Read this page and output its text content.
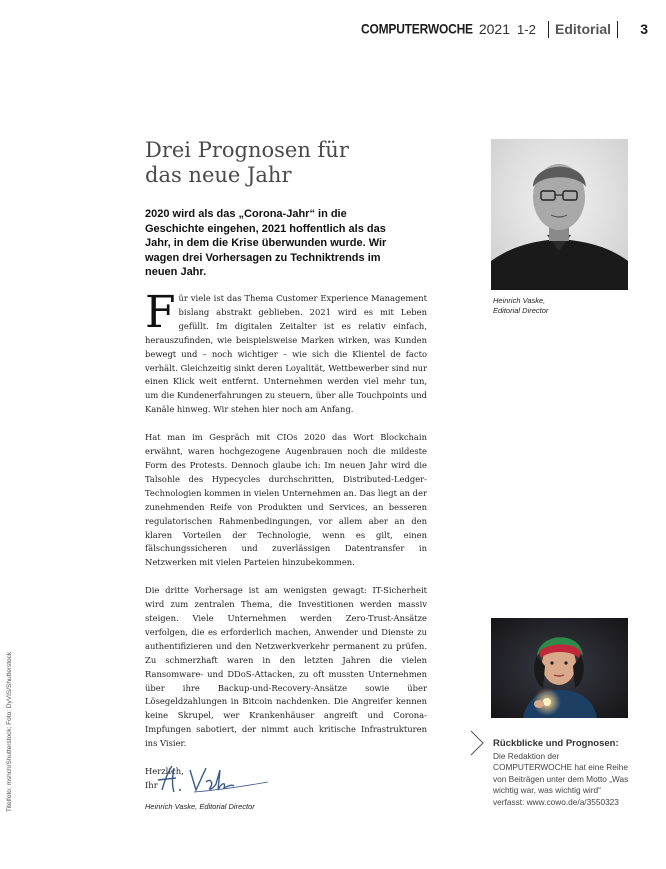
COMPUTERWOCHE 2021 1-2 Editorial 3
Drei Prognosen für
das neue Jahr

2020 wird als das „Corona-Jahr“ in die Geschichte eingehen, 2021 hoffentlich als das Jahr, in dem die Krise überwunden wurde. Wir wagen drei Vorhersagen zu Techniktrends im neuen Jahr.

Für viele ist das Thema Customer Experience Management bislang abstrakt geblieben. 2021 wird es mit Leben gefüllt. Im digitalen Zeitalter ist es relativ einfach, herauszufinden, wie beispielsweise Marken wirken, was Kunden bewegt und – noch wichtiger – wie sich die Klientel de facto verhält. Gleichzeitig sinkt deren Loyalität, Wettbewerber sind nur einen Klick weit entfernt. Unternehmen werden viel mehr tun, um die Kundenerfahrungen zu steuern, über alle Touchpoints und Kanäle hinweg. Wir stehen hier noch am Anfang.

Hat man im Gespräch mit CIOs 2020 das Wort Blockchain erwähnt, waren hochgezogene Augenbrauen noch die mildeste Form des Protests. Dennoch glaube ich: Im neuen Jahr wird die Talsohle des Hypecycles durchschritten, Distributed-Ledger-Technologien kommen in vielen Unternehmen an. Das liegt an der zunehmenden Reife von Produkten und Services, an besseren regulatorischen Rahmenbedingungen, vor allem aber an den klaren Vorteilen der Technologie, wenn es gilt, einen fälschungssicheren und zuverlässigen Datentransfer in Netzwerken mit vielen Parteien hinzubekommen.

Die dritte Vorhersage ist am wenigsten gewagt: IT-Sicherheit wird zum zentralen Thema, die Investitionen werden massiv steigen. Viele Unternehmen werden Zero-Trust-Ansätze verfolgen, die es erforderlich machen, Anwender und Dienste zu authentifizieren und den Netzwerkverkehr permanent zu prüfen. Zu schmerzhaft waren in den letzten Jahren die vielen Ransomware- und DDoS-Attacken, zu oft mussten Unternehmen über ihre Backup-und-Recovery-Ansätze sowie über Lösegeldzahlungen in Bitcoin nachdenken. Die Angreifer kennen keine Skrupel, wer Krankenhäuser angreift und Corona-Impfungen sabotiert, der nimmt auch kritische Infrastrukturen ins Visier.

Herzlich,
Ihr

Heinrich Vaske, Editorial Director
Heinrich Vaske,
Editorial Director
Rückblicke und Prognosen:
Die Redaktion der COMPUTERWOCHE hat eine Reihe von Beiträgen unter dem Motto „Was wichtig war, was wichtig wird“ verfasst: www.cowo.de/a/3550323
Titelfoto: mshch/Shutterstock; Foto: DyVIS/Shutterstock
